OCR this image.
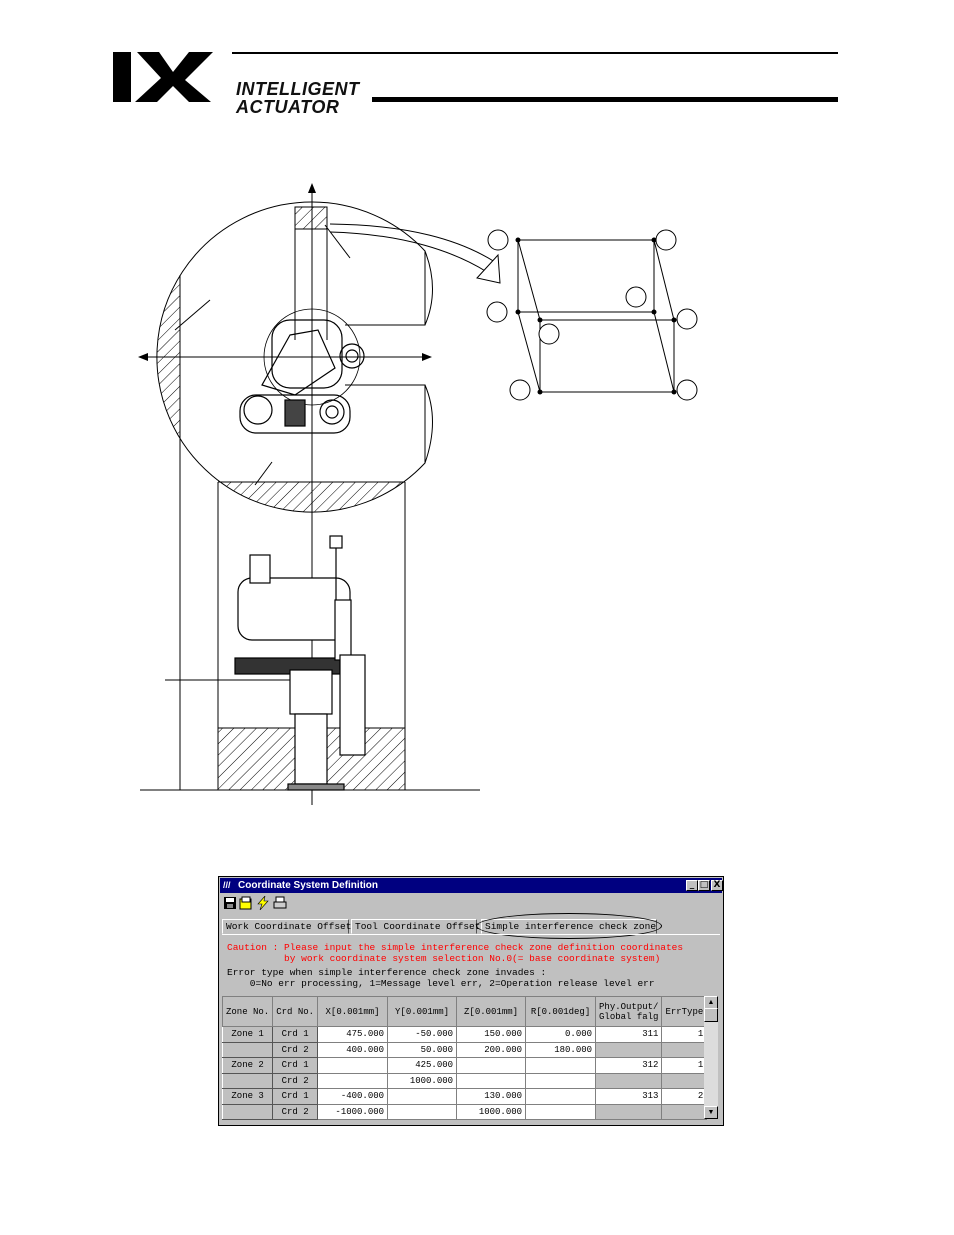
INTELLIGENT
ACTUATOR
/// Coordinate System Definition	_ □ X
Work Coordinate Offset Tool Coordinate Offset Simple interference check zone
Caution : Please input the simple interference check zone definition coordinates
by work coordinate system selection No.0(= base coordinate system)
Error type when simple interference check zone invades :
0=No err processing, 1=Message level err, 2=Operation release level err
Zone No.	Crd No.	X[0.001mm]	Y[0.001mm]	Z[0.001mm]	R[0.001deg]	Phy.Output/ Global falg	ErrType
Zone 1	Crd 1	475.000	-50.000	150.000	0.000	311	1
	Crd 2	400.000	50.000	200.000	180.000		
Zone 2	Crd 1		425.000			312	1
	Crd 2		1000.000				
Zone 3	Crd 1	-400.000		130.000		313	2
	Crd 2	-1000.000		1000.000			
▲
▼
